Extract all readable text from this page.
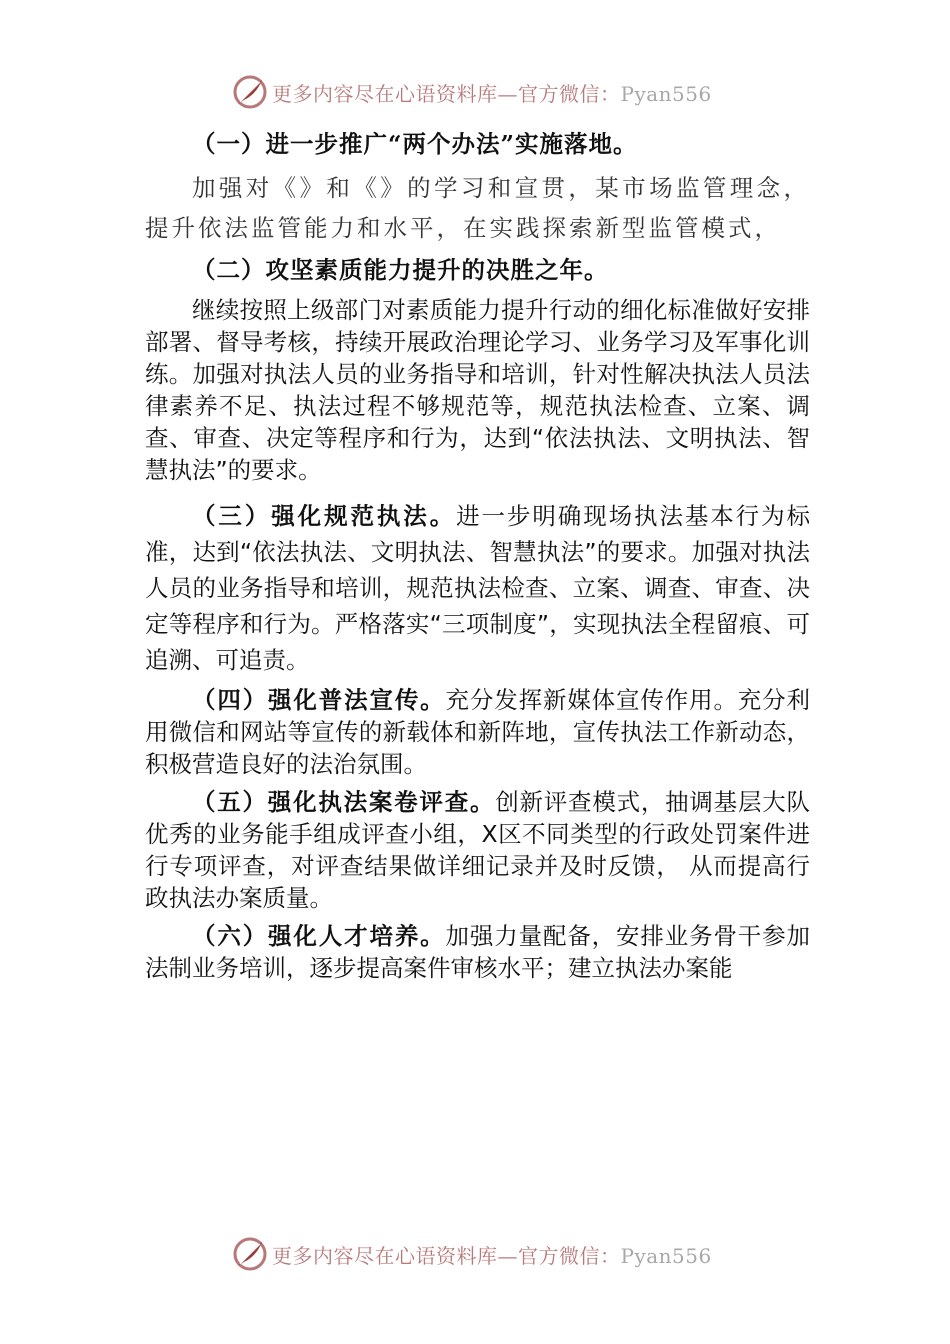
更多内容尽在心语资料库—官方微信：Pyan556

（一）进一步推广“两个办法”实施落地。

加强对《》和《》的学习和宣贯，某市场监管理念， 提升依法监管能力和水平，在实践探索新型监管模式，

（二）攻坚素质能力提升的决胜之年。

继续按照上级部门对素质能力提升行动的细化标准做好安排部署、督导考核，持续开展政治理论学习、业务学习及军事化训练。加强对执法人员的业务指导和培训，针对性解决执法人员法律素养不足、执法过程不够规范等，规范执法检查、立案、调查、审查、决定等程序和行为，达到“依法执法、文明执法、智慧执法”的要求。

（三）强化规范执法。进一步明确现场执法基本行为标准，达到“依法执法、文明执法、智慧执法”的要求。加强对执法人员的业务指导和培训，规范执法检查、立案、调查、审查、决定等程序和行为。严格落实“三项制度”，实现执法全程留痕、可追溯、可追责。

（四）强化普法宣传。充分发挥新媒体宣传作用。充分利用微信和网站等宣传的新载体和新阵地，宣传执法工作新动态，积极营造良好的法治氛围。

（五）强化执法案卷评查。创新评查模式，抽调基层大队优秀的业务能手组成评查小组，X区不同类型的行政处罚案件进行专项评查，对评查结果做详细记录并及时反馈， 从而提高行政执法办案质量。

（六）强化人才培养。加强力量配备，安排业务骨干参加法制业务培训，逐步提高案件审核水平；建立执法办案能

更多内容尽在心语资料库—官方微信：Pyan556
